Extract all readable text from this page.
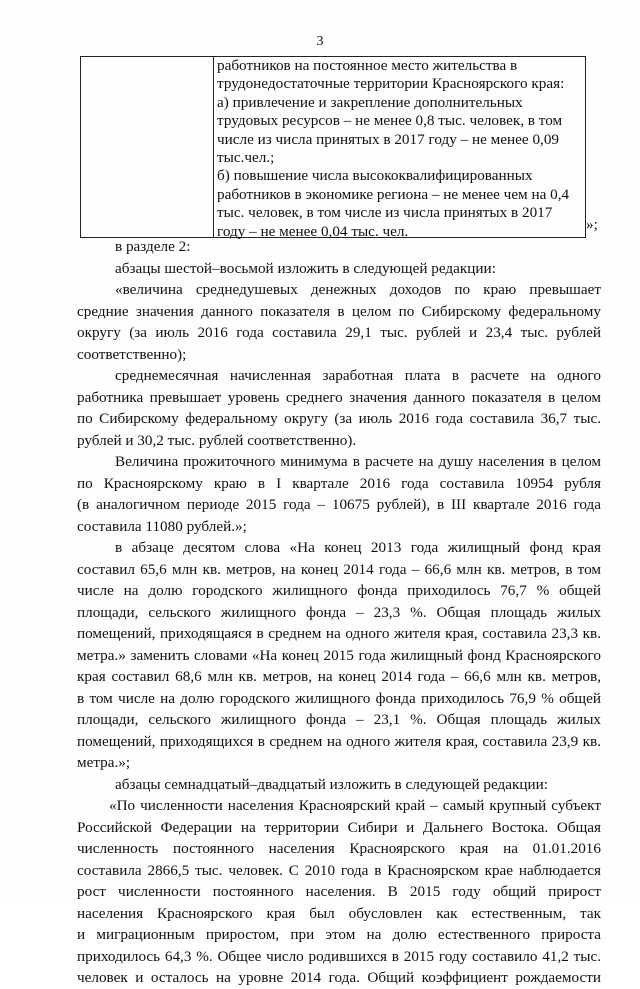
3
работников на постоянное место жительства в
трудонедостаточные территории Красноярского края:
а) привлечение и закрепление дополнительных
трудовых ресурсов – не менее 0,8 тыс. человек, в том
числе из числа принятых в 2017 году – не менее 0,09
тыс.чел.;
б) повышение числа высококвалифицированных
работников в экономике региона – не менее чем на 0,4
тыс. человек, в том числе из числа принятых в 2017
году – не менее 0,04 тыс. чел.	»;
в разделе 2:
абзацы шестой–восьмой изложить в следующей редакции:
«величина среднедушевых денежных доходов по краю превышает
средние значения данного показателя в целом по Сибирскому федеральному
округу (за июль 2016 года составила 29,1 тыс. рублей и 23,4 тыс. рублей
соответственно);
среднемесячная начисленная заработная плата в расчете на одного
работника превышает уровень среднего значения данного показателя в целом
по Сибирскому федеральному округу (за июль 2016 года составила 36,7 тыс.
рублей и 30,2 тыс. рублей соответственно).
Величина прожиточного минимума в расчете на душу населения в целом
по Красноярскому краю в I квартале 2016 года составила 10954 рубля
(в аналогичном периоде 2015 года – 10675 рублей), в III квартале 2016 года
составила 11080 рублей.»;
в абзаце десятом слова «На конец 2013 года жилищный фонд края
составил 65,6 млн кв. метров, на конец 2014 года – 66,6 млн кв. метров, в том
числе на долю городского жилищного фонда приходилось 76,7 % общей
площади, сельского жилищного фонда – 23,3 %. Общая площадь жилых
помещений, приходящаяся в среднем на одного жителя края, составила 23,3 кв.
метра.» заменить словами «На конец 2015 года жилищный фонд Красноярского
края составил 68,6 млн кв. метров, на конец 2014 года – 66,6 млн кв. метров,
в том числе на долю городского жилищного фонда приходилось 76,9 % общей
площади, сельского жилищного фонда – 23,1 %. Общая площадь жилых
помещений, приходящихся в среднем на одного жителя края, составила 23,9 кв.
метра.»;
абзацы семнадцатый–двадцатый изложить в следующей редакции:
«По численности населения Красноярский край – самый крупный субъект
Российской Федерации на территории Сибири и Дальнего Востока. Общая
численность постоянного населения Красноярского края на 01.01.2016
составила 2866,5 тыс. человек. С 2010 года в Красноярском крае наблюдается
рост численности постоянного населения. В 2015 году общий прирост
населения Красноярского края был обусловлен как естественным, так
и миграционным приростом, при этом на долю естественного прироста
приходилось 64,3 %. Общее число родившихся в 2015 году составило 41,2 тыс.
человек и осталось на уровне 2014 года. Общий коэффициент рождаемости
